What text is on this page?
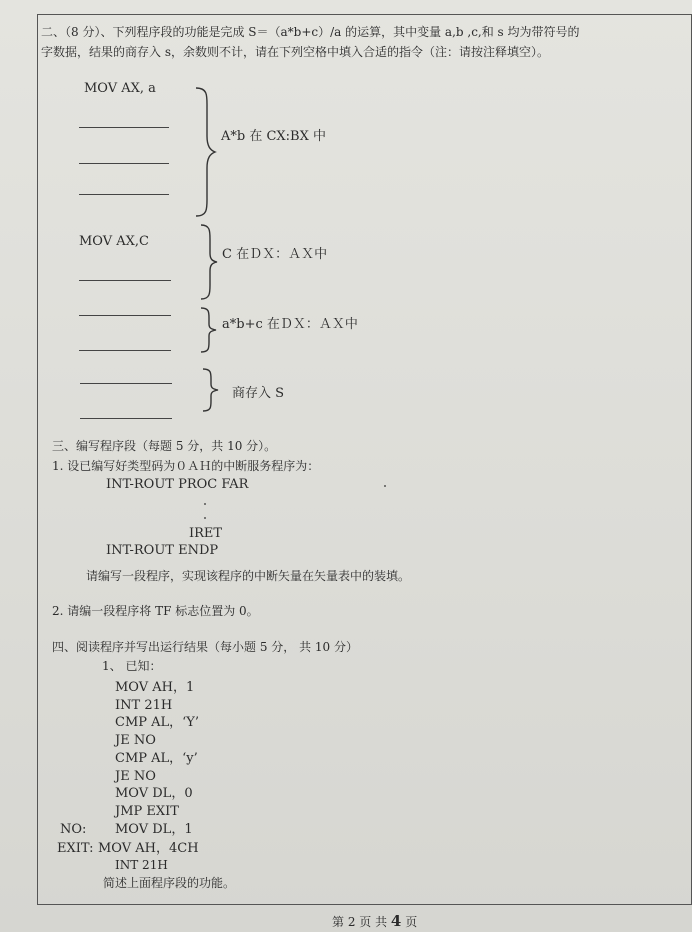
二、（8 分）、下列程序段的功能是完成 S＝（a*b+c）/a 的运算，其中变量 a,b ,c,和 s 均为带符号的
字数据，结果的商存入 s，余数则不计，请在下列空格中填入合适的指令（注：请按注释填空）。
MOV AX, a
A*b 在 CX:BX 中
MOV AX,C
C 在ＤＸ：ＡＸ中
a*b+c 在ＤＸ：ＡＸ中
商存入 S
三、编写程序段（每题 5 分，共 10 分）。
1. 设已编写好类型码为０ＡＨ的中断服务程序为：
INT-ROUT PROC FAR
IRET
INT-ROUT ENDP
请编写一段程序，实现该程序的中断矢量在矢量表中的装填。
2. 请编一段程序将 TF 标志位置为 0。
四、阅读程序并写出运行结果（每小题 5 分， 共 10 分）
1、 已知：
MOV AH，1
INT 21H
CMP AL，‘Y’
JE NO
CMP AL，‘y’
JE NO
MOV DL，0
JMP EXIT
NO: MOV DL，1
EXIT: MOV AH，4CH
INT 21H
简述上面程序段的功能。
第 2 页 共 4 页
